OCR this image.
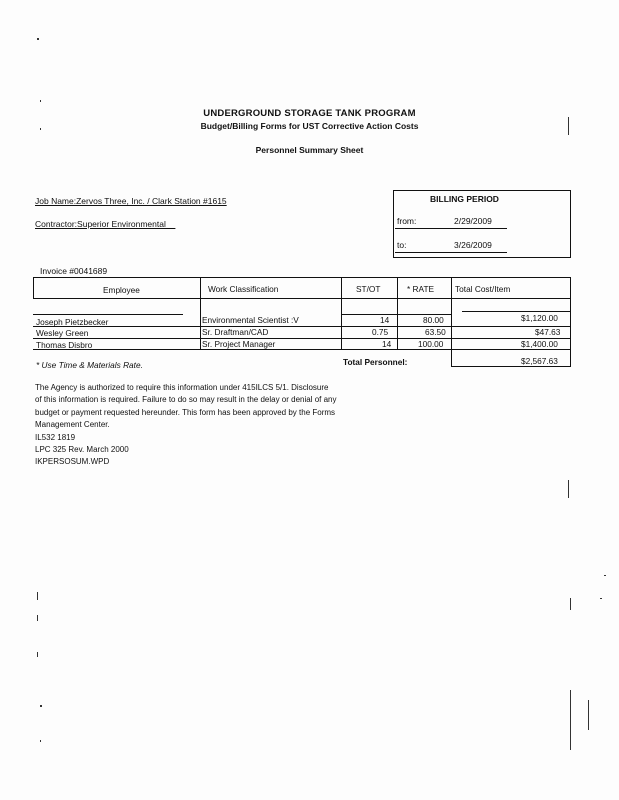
UNDERGROUND STORAGE TANK PROGRAM
Budget/Billing Forms for UST Corrective Action Costs
Personnel Summary Sheet
Job Name:Zervos Three, Inc. / Clark Station #1615
Contractor:Superior Environmental__
BILLING PERIOD
from:	2/29/2009
to:	3/26/2009
Invoice #0041689
Employee	Work Classification	ST/OT	* RATE	Total Cost/Item
Joseph Pietzbecker	Environmental Scientist :V	14	80.00	$1,120.00
Wesley Green	Sr. Draftman/CAD	0.75	63.50	$47.63
Thomas Disbro	Sr. Project Manager	14	100.00	$1,400.00
* Use Time & Materials Rate.	Total Personnel:	$2,567.63
The Agency is authorized to require this information under 415ILCS 5/1. Disclosure
of this information is required. Failure to do so may result in the delay or denial of any
budget or payment requested hereunder. This form has been approved by the Forms
Management Center.
IL532 1819
LPC 325 Rev. March 2000
IKPERSOSUM.WPD
